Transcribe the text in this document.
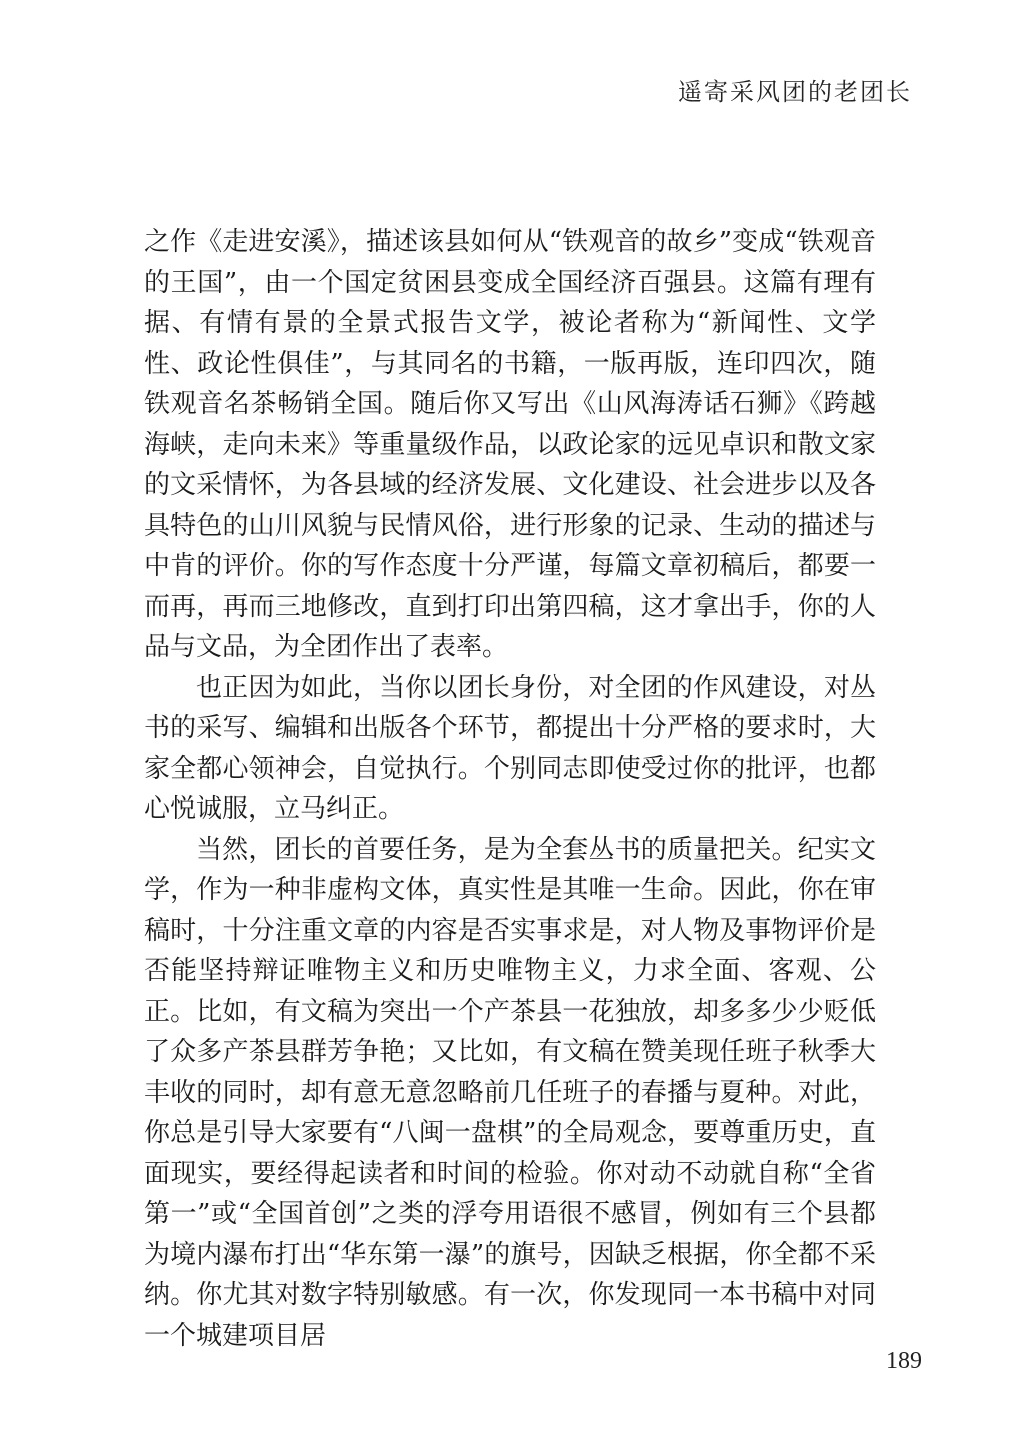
遥寄采风团的老团长

之作《走进安溪》，描述该县如何从“铁观音的故乡”变成“铁观音的王国”，由一个国定贫困县变成全国经济百强县。这篇有理有据、有情有景的全景式报告文学，被论者称为“新闻性、文学性、政论性俱佳”，与其同名的书籍，一版再版，连印四次，随铁观音名茶畅销全国。随后你又写出《山风海涛话石狮》《跨越海峡，走向未来》等重量级作品，以政论家的远见卓识和散文家的文采情怀，为各县域的经济发展、文化建设、社会进步以及各具特色的山川风貌与民情风俗，进行形象的记录、生动的描述与中肯的评价。你的写作态度十分严谨，每篇文章初稿后，都要一而再，再而三地修改，直到打印出第四稿，这才拿出手，你的人品与文品，为全团作出了表率。

也正因为如此，当你以团长身份，对全团的作风建设，对丛书的采写、编辑和出版各个环节，都提出十分严格的要求时，大家全都心领神会，自觉执行。个别同志即使受过你的批评，也都心悦诚服，立马纠正。

当然，团长的首要任务，是为全套丛书的质量把关。纪实文学，作为一种非虚构文体，真实性是其唯一生命。因此，你在审稿时，十分注重文章的内容是否实事求是，对人物及事物评价是否能坚持辩证唯物主义和历史唯物主义，力求全面、客观、公正。比如，有文稿为突出一个产茶县一花独放，却多多少少贬低了众多产茶县群芳争艳；又比如，有文稿在赞美现任班子秋季大丰收的同时，却有意无意忽略前几任班子的春播与夏种。对此，你总是引导大家要有“八闽一盘棋”的全局观念，要尊重历史，直面现实，要经得起读者和时间的检验。你对动不动就自称“全省第一”或“全国首创”之类的浮夸用语很不感冒，例如有三个县都为境内瀑布打出“华东第一瀑”的旗号，因缺乏根据，你全都不采纳。你尤其对数字特别敏感。有一次，你发现同一本书稿中对同一个城建项目居

189
